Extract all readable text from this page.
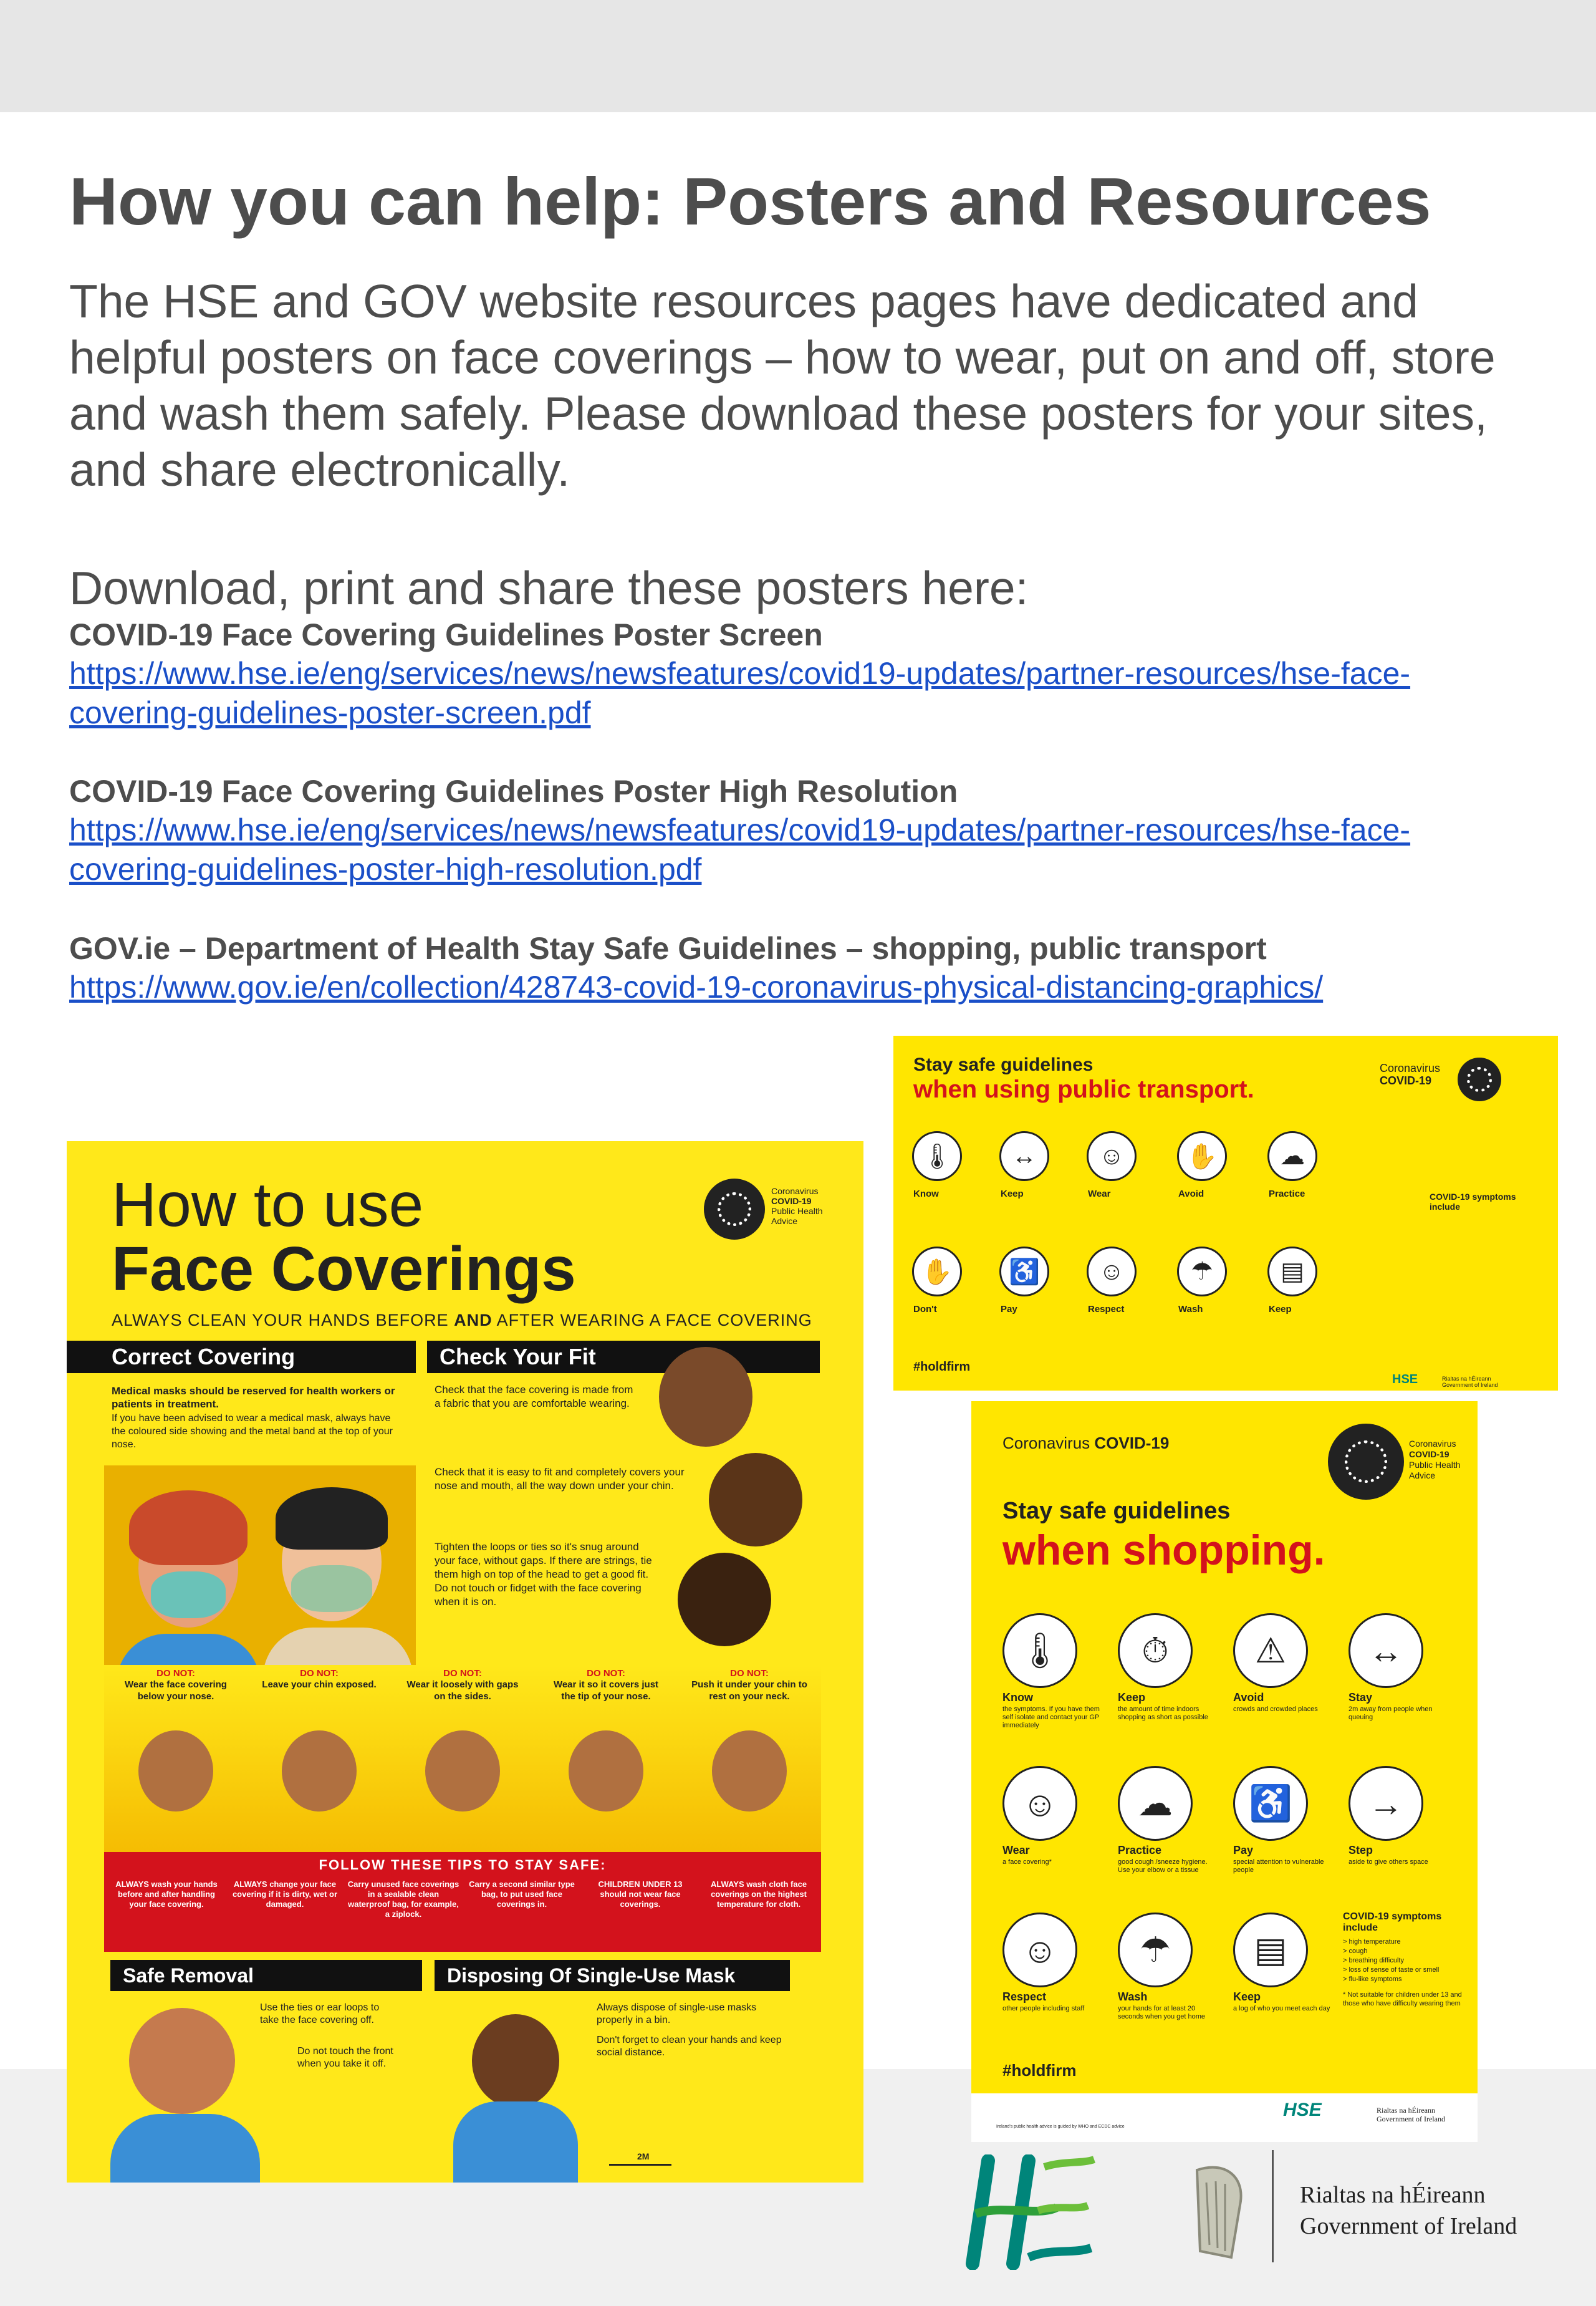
How you can help: Posters and Resources

The HSE and GOV website resources pages have dedicated and helpful posters on face coverings – how to wear, put on and off, store and wash them safely. Please download these posters for your sites, and share electronically.

Download, print and share these posters here:

COVID-19 Face Covering Guidelines Poster Screen
https://www.hse.ie/eng/services/news/newsfeatures/covid19-updates/partner-resources/hse-face-
covering-guidelines-poster-screen.pdf
COVID-19 Face Covering Guidelines Poster High Resolution
https://www.hse.ie/eng/services/news/newsfeatures/covid19-updates/partner-resources/hse-face-
covering-guidelines-poster-high-resolution.pdf
GOV.ie – Department of Health Stay Safe Guidelines – shopping, public transport
https://www.gov.ie/en/collection/428743-covid-19-coronavirus-physical-distancing-graphics/
How to use
Face Coverings
Coronavirus
COVID-19
Public Health
Advice
ALWAYS CLEAN YOUR HANDS BEFORE AND AFTER WEARING A FACE COVERING
Correct Covering	Check Your Fit
Medical masks should be reserved for health workers or patients in treatment.
If you have been advised to wear a medical mask, always have the coloured side showing and the metal band at the top of your nose.
Check that the face covering is made from a fabric that you are comfortable wearing.
Check that it is easy to fit and completely covers your nose and mouth, all the way down under your chin.
Tighten the loops or ties so it's snug around your face, without gaps. If there are strings, tie them high on top of the head to get a good fit. Do not touch or fidget with the face covering when it is on.
DO NOT:
Wear the face covering below your nose.
DO NOT:
Leave your chin exposed.
DO NOT:
Wear it loosely with gaps on the sides.
DO NOT:
Wear it so it covers just the tip of your nose.
DO NOT:
Push it under your chin to rest on your neck.
FOLLOW THESE TIPS TO STAY SAFE:
ALWAYS wash your hands before and after handling your face covering.
ALWAYS change your face covering if it is dirty, wet or damaged.
Carry unused face coverings in a sealable clean waterproof bag, for example, a ziplock.
Carry a second similar type bag, to put used face coverings in.
CHILDREN UNDER 13 should not wear face coverings.
ALWAYS wash cloth face coverings on the highest temperature for cloth.
Safe Removal	Disposing Of Single-Use Mask
Use the ties or ear loops to take the face covering off.
Do not touch the front when you take it off.
Always dispose of single-use masks properly in a bin.
Don't forget to clean your hands and keep social distance.
2M
Stay safe guidelines
when using public transport.
Coronavirus
COVID-19
🌡	↔	☺	✋	☁
Know	Keep	Wear	Avoid	Practice
✋	♿	☺	☂	▤
Don't	Pay	Respect	Wash	Keep
COVID-19 symptoms include
#holdfirm
HSE	Rialtas na hÉireann
Government of Ireland
Coronavirus COVID-19	Coronavirus
COVID-19
Public Health
Advice
Stay safe guidelines
when shopping.
🌡
Know
the symptoms. If you have them self isolate and contact your GP immediately
⏱
Keep
the amount of time indoors shopping as short as possible
⚠
Avoid
crowds and crowded places
↔
Stay
2m away from people when queuing
☺
Wear
a face covering*
☁
Practice
good cough /sneeze hygiene. Use your elbow or a tissue
♿
Pay
special attention to vulnerable people
→
Step
aside to give others space
☺
Respect
other people including staff
☂
Wash
your hands for at least 20 seconds when you get home
▤
Keep
a log of who you meet each day
COVID-19 symptoms include
> high temperature
> cough
> breathing difficulty
> loss of sense of taste or smell
> flu-like symptoms
* Not suitable for children under 13 and those who have difficulty wearing them
#holdfirm
Ireland's public health advice is guided by WHO and ECDC advice
HSE	Rialtas na hÉireann
Government of Ireland
Rialtas na hÉireann
Government of Ireland
